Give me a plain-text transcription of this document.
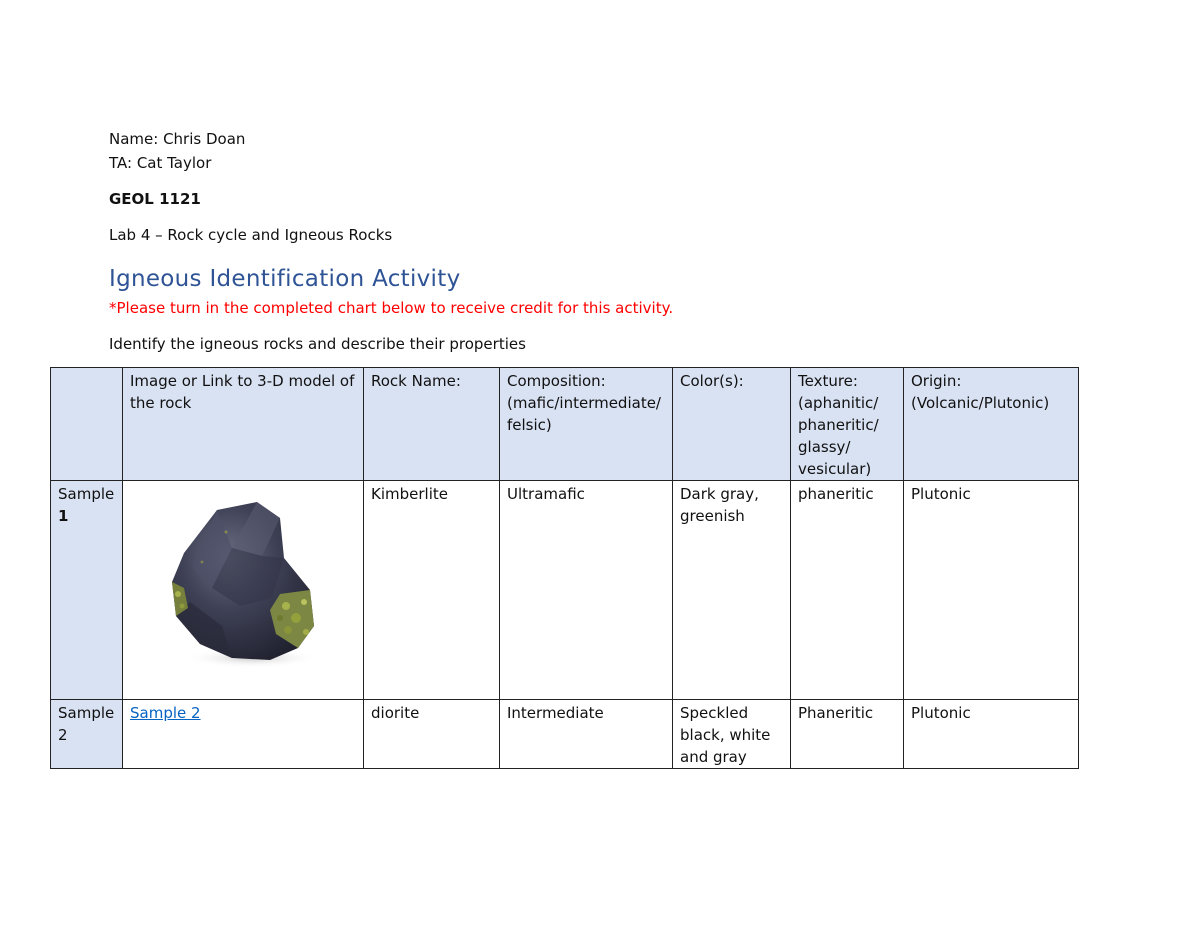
Name: Chris Doan
TA: Cat Taylor
GEOL 1121
Lab 4 – Rock cycle and Igneous Rocks
Igneous Identification Activity
*Please turn in the completed chart below to receive credit for this activity.
Identify the igneous rocks and describe their properties
	Image or Link to 3-D model of the rock	Rock Name:	Composition: (mafic/intermediate/ felsic)	Color(s):	Texture: (aphanitic/ phaneritic/ glassy/ vesicular)	Origin: (Volcanic/Plutonic)
Sample
1		Kimberlite	Ultramafic	Dark gray, greenish	phaneritic	Plutonic
Sample
2	Sample 2	diorite	Intermediate	Speckled black, white and gray	Phaneritic	Plutonic
